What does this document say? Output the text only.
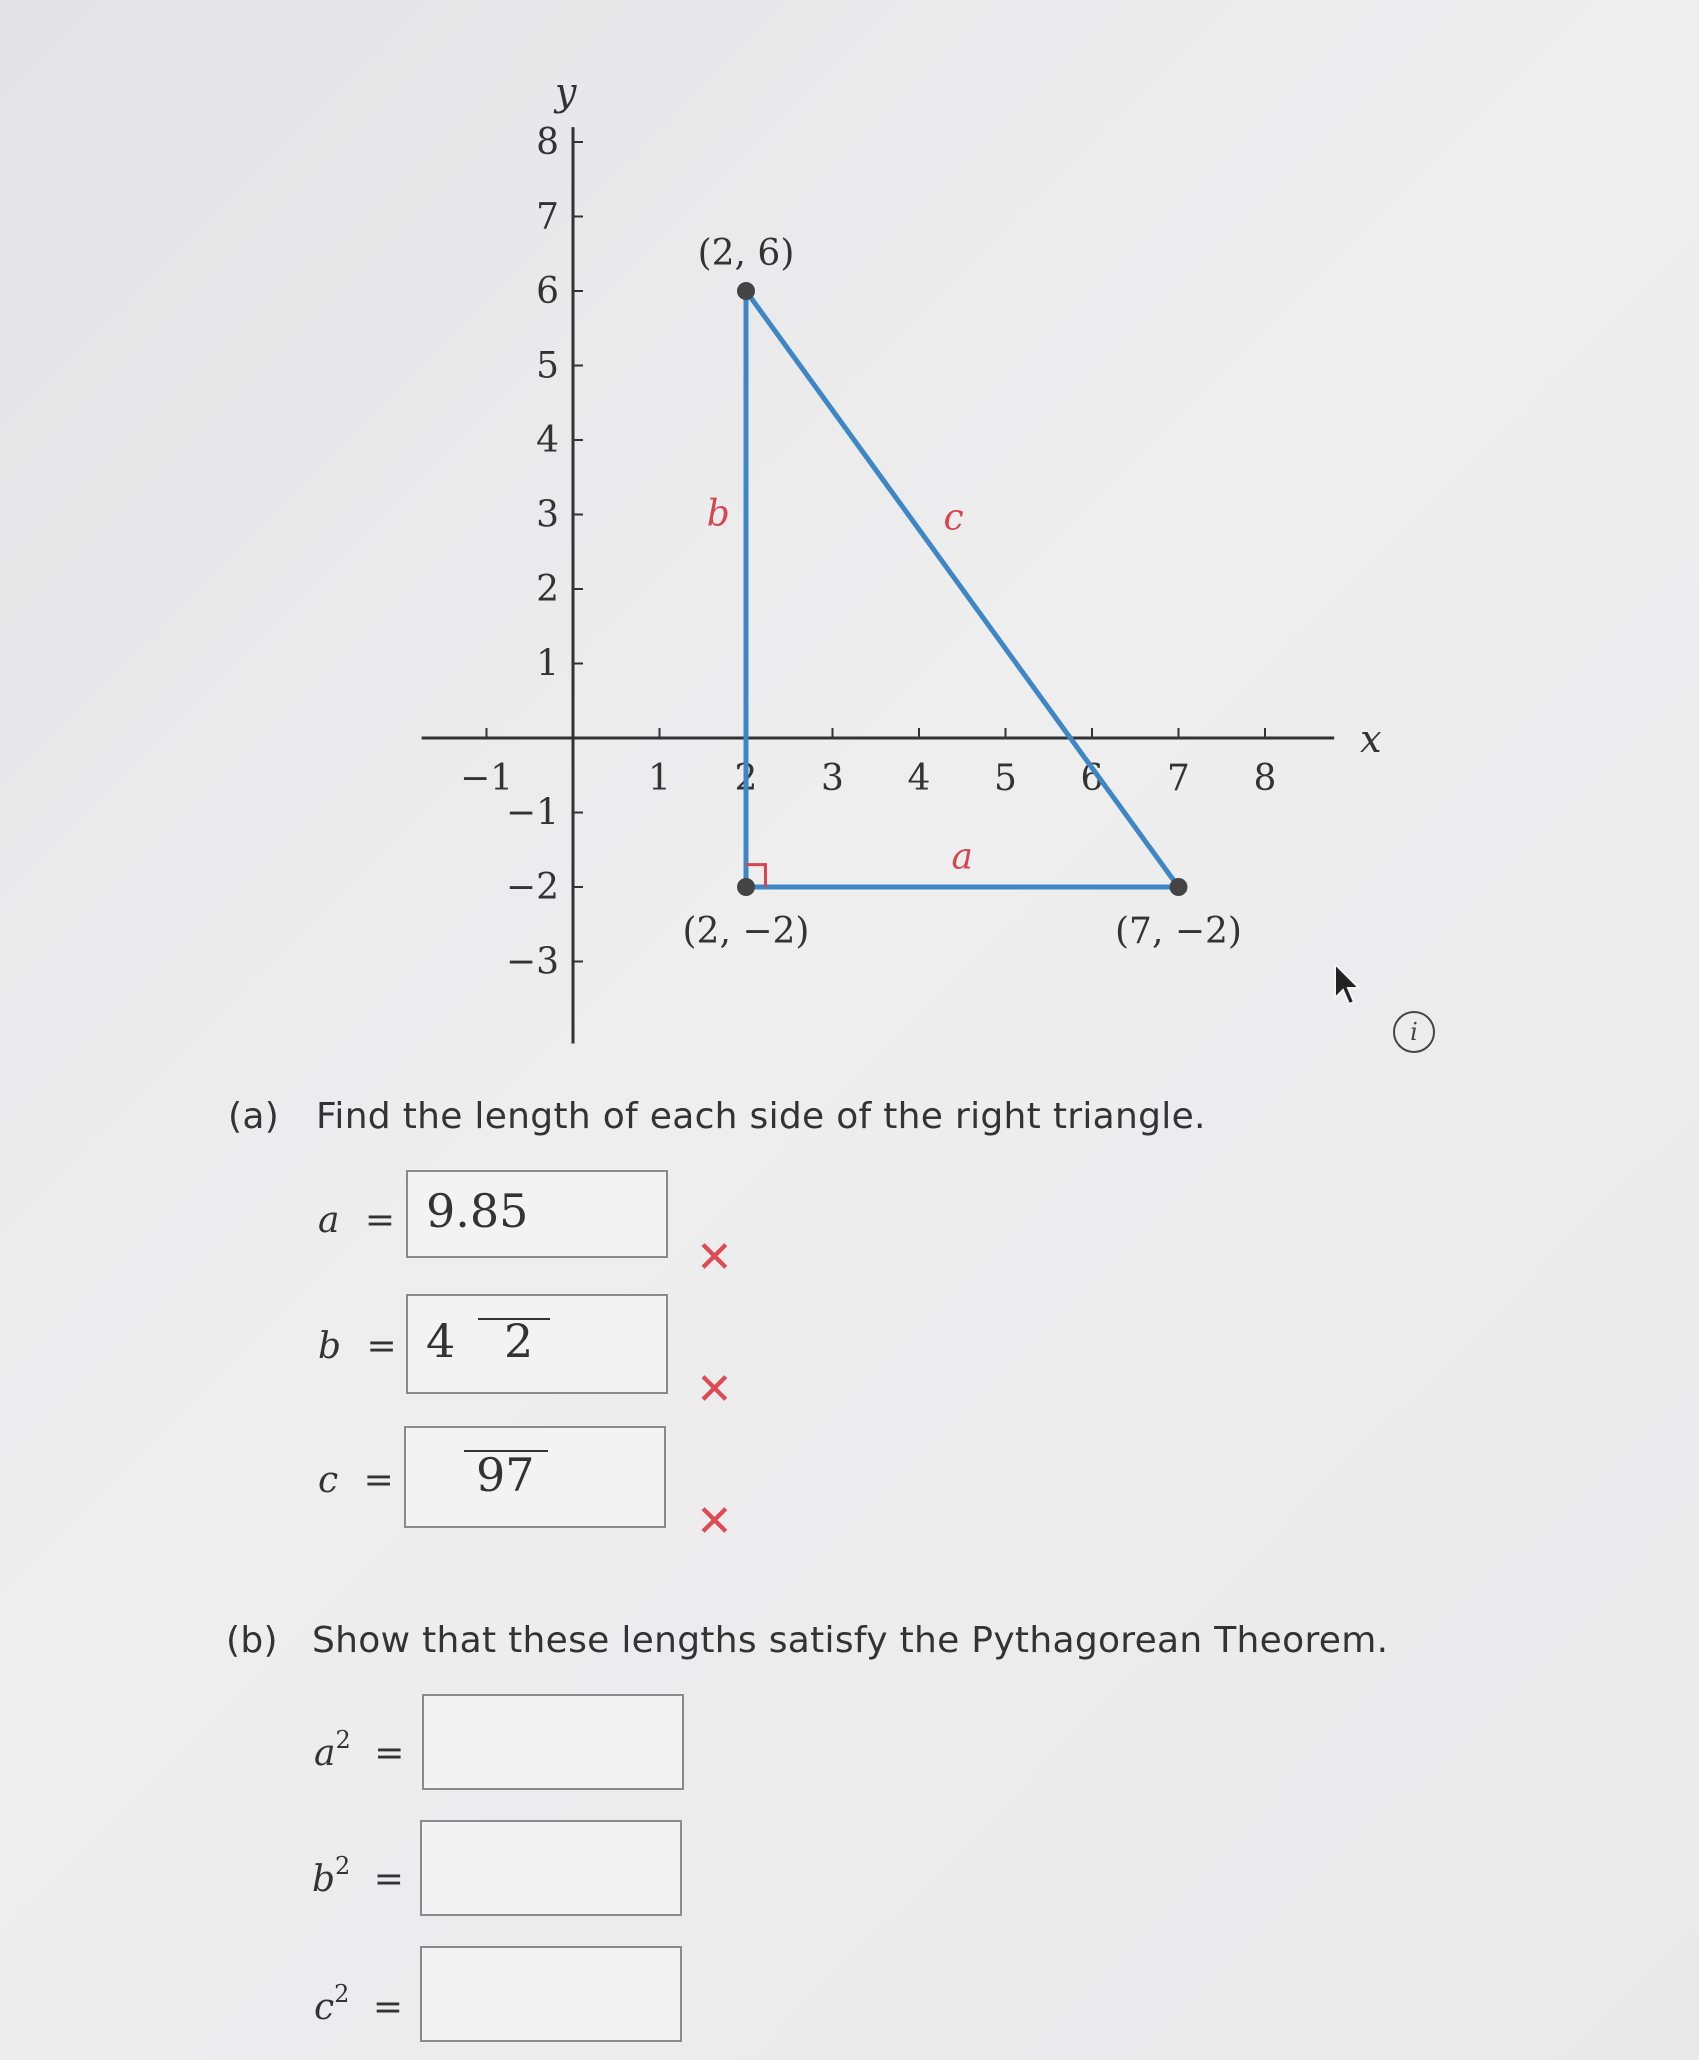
x
y
−1	1 2 3 4 5 6 7 8
8
7
6
5
4
3
2
1
−1
−2
−3
b	c
a
(2, 6)
(2, −2)	(7, −2)
i
(a) Find the length of each side of the right triangle.
a = 9.85
✕
b = 4 2
✕
c = 97
✕
(b) Show that these lengths satisfy the Pythagorean Theorem.
$a^2$ =
$b^2$ =
$c^2$ =
